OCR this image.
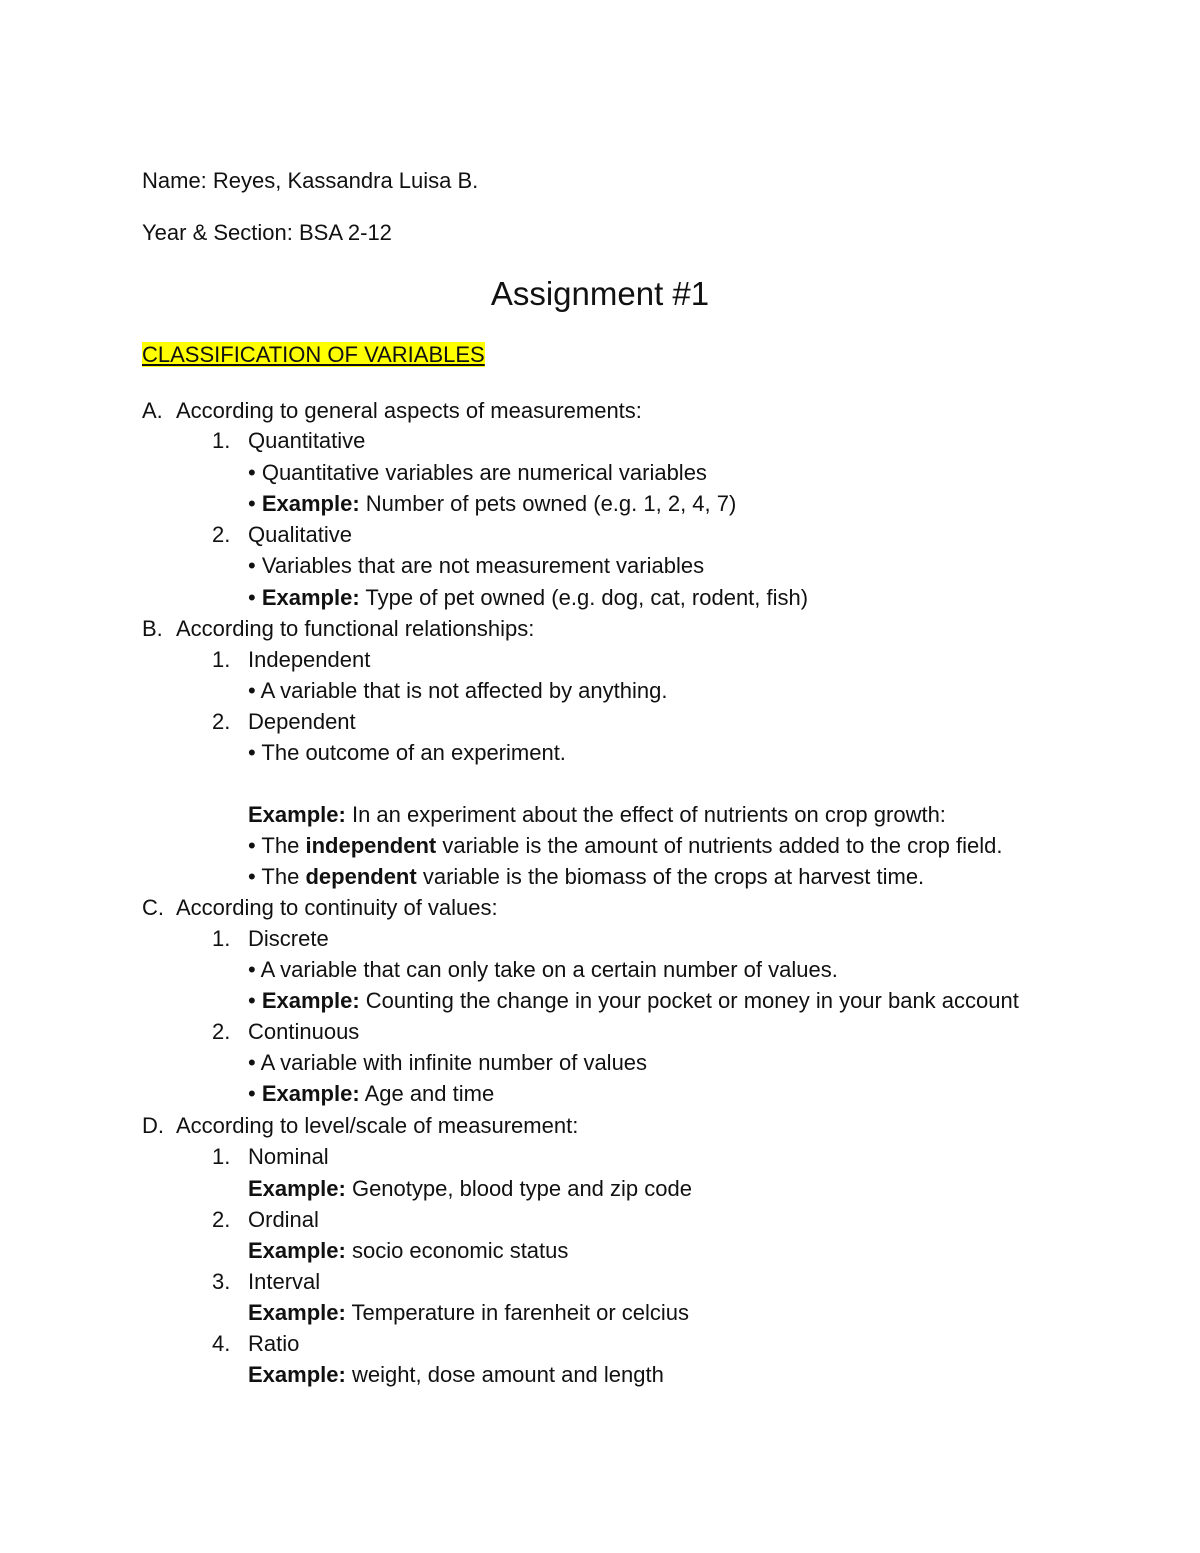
Name: Reyes, Kassandra Luisa B.
Year & Section: BSA 2-12
Assignment #1
CLASSIFICATION OF VARIABLES
A. According to general aspects of measurements:
1. Quantitative
• Quantitative variables are numerical variables
• Example: Number of pets owned (e.g. 1, 2, 4, 7)
2. Qualitative
• Variables that are not measurement variables
• Example: Type of pet owned (e.g. dog, cat, rodent, fish)
B. According to functional relationships:
1. Independent
• A variable that is not affected by anything.
2. Dependent
• The outcome of an experiment.
Example: In an experiment about the effect of nutrients on crop growth:
• The independent variable is the amount of nutrients added to the crop field.
• The dependent variable is the biomass of the crops at harvest time.
C. According to continuity of values:
1. Discrete
• A variable that can only take on a certain number of values.
• Example: Counting the change in your pocket or money in your bank account
2. Continuous
• A variable with infinite number of values
• Example: Age and time
D. According to level/scale of measurement:
1. Nominal
Example: Genotype, blood type and zip code
2. Ordinal
Example: socio economic status
3. Interval
Example: Temperature in farenheit or celcius
4. Ratio
Example: weight, dose amount and length
